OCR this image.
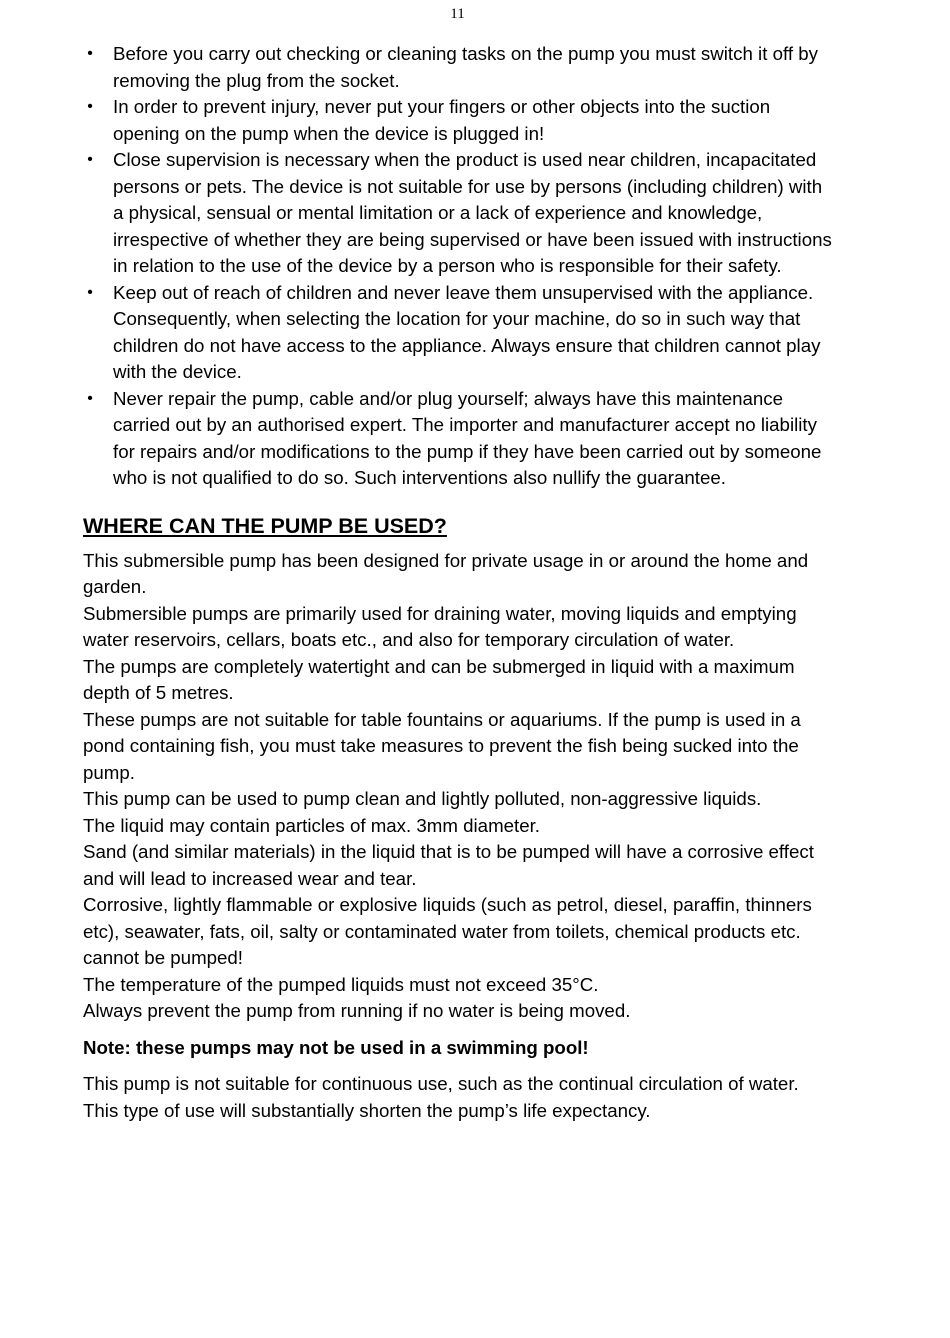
11
• Before you carry out checking or cleaning tasks on the pump you must switch it off by removing the plug from the socket.
• In order to prevent injury, never put your fingers or other objects into the suction opening on the pump when the device is plugged in!
• Close supervision is necessary when the product is used near children, incapacitated persons or pets. The device is not suitable for use by persons (including children) with a physical, sensual or mental limitation or a lack of experience and knowledge, irrespective of whether they are being supervised or have been issued with instructions in relation to the use of the device by a person who is responsible for their safety.
• Keep out of reach of children and never leave them unsupervised with the appliance. Consequently, when selecting the location for your machine, do so in such way that children do not have access to the appliance. Always ensure that children cannot play with the device.
• Never repair the pump, cable and/or plug yourself; always have this maintenance carried out by an authorised expert. The importer and manufacturer accept no liability for repairs and/or modifications to the pump if they have been carried out by someone who is not qualified to do so. Such interventions also nullify the guarantee.
WHERE CAN THE PUMP BE USED?

This submersible pump has been designed for private usage in or around the home and garden.

Submersible pumps are primarily used for draining water, moving liquids and emptying water reservoirs, cellars, boats etc., and also for temporary circulation of water.

The pumps are completely watertight and can be submerged in liquid with a maximum depth of 5 metres.

These pumps are not suitable for table fountains or aquariums. If the pump is used in a pond containing fish, you must take measures to prevent the fish being sucked into the pump.

This pump can be used to pump clean and lightly polluted, non-aggressive liquids.

The liquid may contain particles of max. 3mm diameter.

Sand (and similar materials) in the liquid that is to be pumped will have a corrosive effect and will lead to increased wear and tear.

Corrosive, lightly flammable or explosive liquids (such as petrol, diesel, paraffin, thinners etc), seawater, fats, oil, salty or contaminated water from toilets, chemical products etc. cannot be pumped!

The temperature of the pumped liquids must not exceed 35°C.

Always prevent the pump from running if no water is being moved.

Note: these pumps may not be used in a swimming pool!

This pump is not suitable for continuous use, such as the continual circulation of water. This type of use will substantially shorten the pump’s life expectancy.
